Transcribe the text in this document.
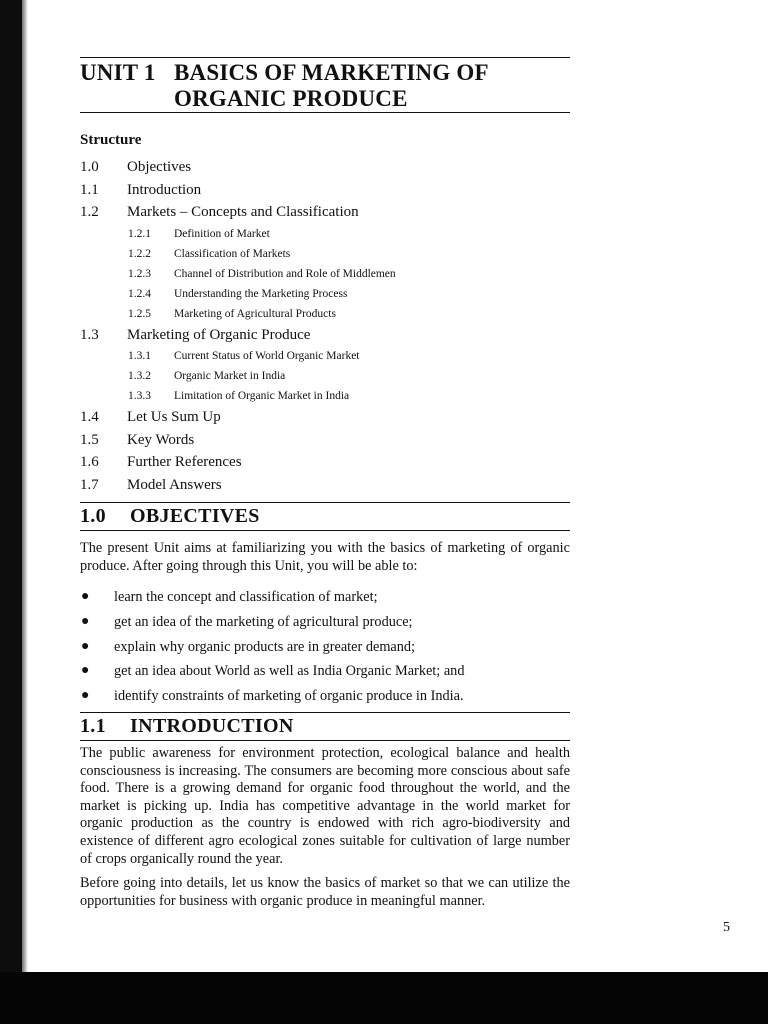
UNIT 1 BASICS OF MARKETING OF
ORGANIC PRODUCE
Structure
1.0 Objectives
1.1 Introduction
1.2 Markets – Concepts and Classification
1.2.1 Definition of Market
1.2.2 Classification of Markets
1.2.3 Channel of Distribution and Role of Middlemen
1.2.4 Understanding the Marketing Process
1.2.5 Marketing of Agricultural Products
1.3 Marketing of Organic Produce
1.3.1 Current Status of World Organic Market
1.3.2 Organic Market in India
1.3.3 Limitation of Organic Market in India
1.4 Let Us Sum Up
1.5 Key Words
1.6 Further References
1.7 Model Answers
1.0 OBJECTIVES
The present Unit aims at familiarizing you with the basics of marketing of organic produce. After going through this Unit, you will be able to:
● learn the concept and classification of market;
● get an idea of the marketing of agricultural produce;
● explain why organic products are in greater demand;
● get an idea about World as well as India Organic Market; and
● identify constraints of marketing of organic produce in India.
1.1 INTRODUCTION
The public awareness for environment protection, ecological balance and health consciousness is increasing. The consumers are becoming more conscious about safe food. There is a growing demand for organic food throughout the world, and the market is picking up. India has competitive advantage in the world market for organic production as the country is endowed with rich agro-biodiversity and existence of different agro ecological zones suitable for cultivation of large number of crops organically round the year.
Before going into details, let us know the basics of market so that we can utilize the opportunities for business with organic produce in meaningful manner.
5
